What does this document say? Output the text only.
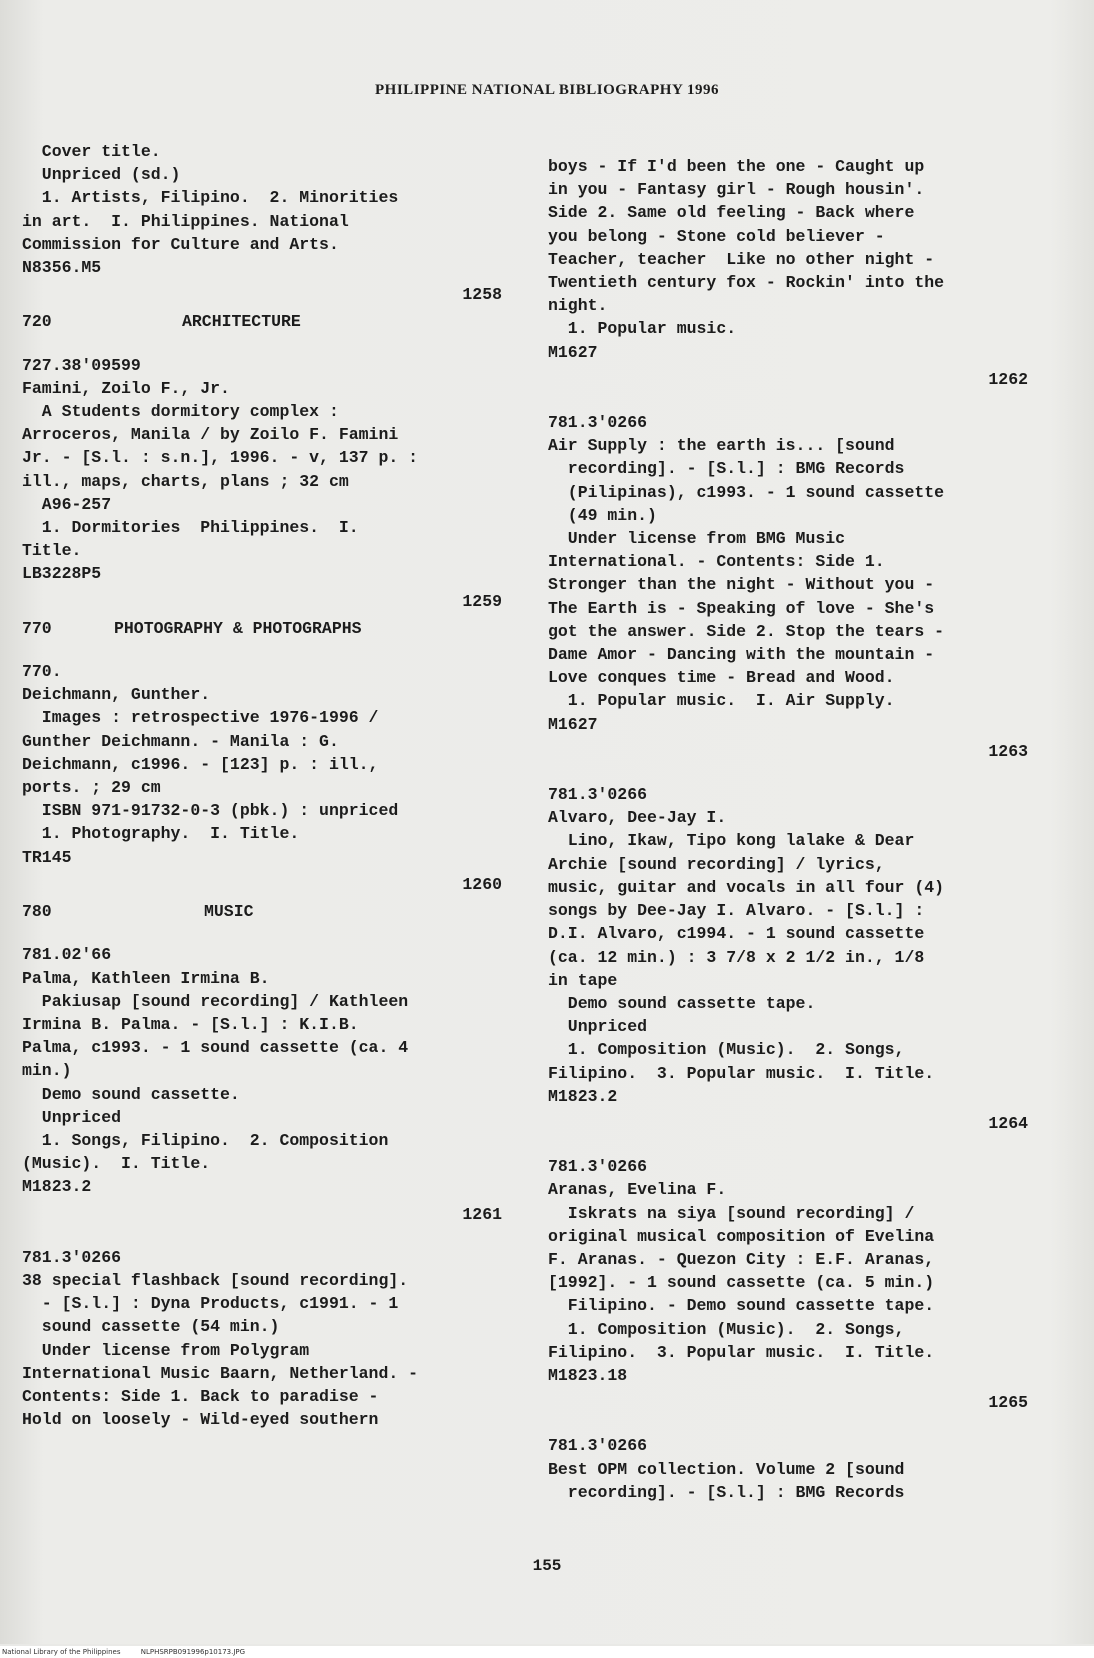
PHILIPPINE NATIONAL BIBLIOGRAPHY 1996
Cover title.
Unpriced (sd.)
1. Artists, Filipino.  2. Minorities
in art.  I. Philippines. National
Commission for Culture and Arts.
N8356.M5
1258
720	ARCHITECTURE
727.38'09599
Famini, Zoilo F., Jr.
A Students dormitory complex :
Arroceros, Manila / by Zoilo F. Famini
Jr. - [S.l. : s.n.], 1996. - v, 137 p. :
ill., maps, charts, plans ; 32 cm
A96-257
1. Dormitories  Philippines.  I.
Title.
LB3228P5
1259
770	PHOTOGRAPHY & PHOTOGRAPHS
770.
Deichmann, Gunther.
Images : retrospective 1976-1996 /
Gunther Deichmann. - Manila : G.
Deichmann, c1996. - [123] p. : ill.,
ports. ; 29 cm
ISBN 971-91732-0-3 (pbk.) : unpriced
1. Photography.  I. Title.
TR145
1260
780	MUSIC
781.02'66
Palma, Kathleen Irmina B.
Pakiusap [sound recording] / Kathleen
Irmina B. Palma. - [S.l.] : K.I.B.
Palma, c1993. - 1 sound cassette (ca. 4
min.)
Demo sound cassette.
Unpriced
1. Songs, Filipino.  2. Composition
(Music).  I. Title.
M1823.2
1261
781.3'0266
38 special flashback [sound recording].
- [S.l.] : Dyna Products, c1991. - 1
sound cassette (54 min.)
Under license from Polygram
International Music Baarn, Netherland. -
Contents: Side 1. Back to paradise -
Hold on loosely - Wild-eyed southern
boys - If I'd been the one - Caught up
in you - Fantasy girl - Rough housin'.
Side 2. Same old feeling - Back where
you belong - Stone cold believer -
Teacher, teacher  Like no other night -
Twentieth century fox - Rockin' into the
night.
1. Popular music.
M1627
1262
781.3'0266
Air Supply : the earth is... [sound
recording]. - [S.l.] : BMG Records
(Pilipinas), c1993. - 1 sound cassette
(49 min.)
Under license from BMG Music
International. - Contents: Side 1.
Stronger than the night - Without you -
The Earth is - Speaking of love - She's
got the answer. Side 2. Stop the tears -
Dame Amor - Dancing with the mountain -
Love conques time - Bread and Wood.
1. Popular music.  I. Air Supply.
M1627
1263
781.3'0266
Alvaro, Dee-Jay I.
Lino, Ikaw, Tipo kong lalake & Dear
Archie [sound recording] / lyrics,
music, guitar and vocals in all four (4)
songs by Dee-Jay I. Alvaro. - [S.l.] :
D.I. Alvaro, c1994. - 1 sound cassette
(ca. 12 min.) : 3 7/8 x 2 1/2 in., 1/8
in tape
Demo sound cassette tape.
Unpriced
1. Composition (Music).  2. Songs,
Filipino.  3. Popular music.  I. Title.
M1823.2
1264
781.3'0266
Aranas, Evelina F.
Iskrats na siya [sound recording] /
original musical composition of Evelina
F. Aranas. - Quezon City : E.F. Aranas,
[1992]. - 1 sound cassette (ca. 5 min.)
Filipino. - Demo sound cassette tape.
1. Composition (Music).  2. Songs,
Filipino.  3. Popular music.  I. Title.
M1823.18
1265
781.3'0266
Best OPM collection. Volume 2 [sound
recording]. - [S.l.] : BMG Records
155
National Library of the Philippines	NLPHSRPB091996p10173.JPG
